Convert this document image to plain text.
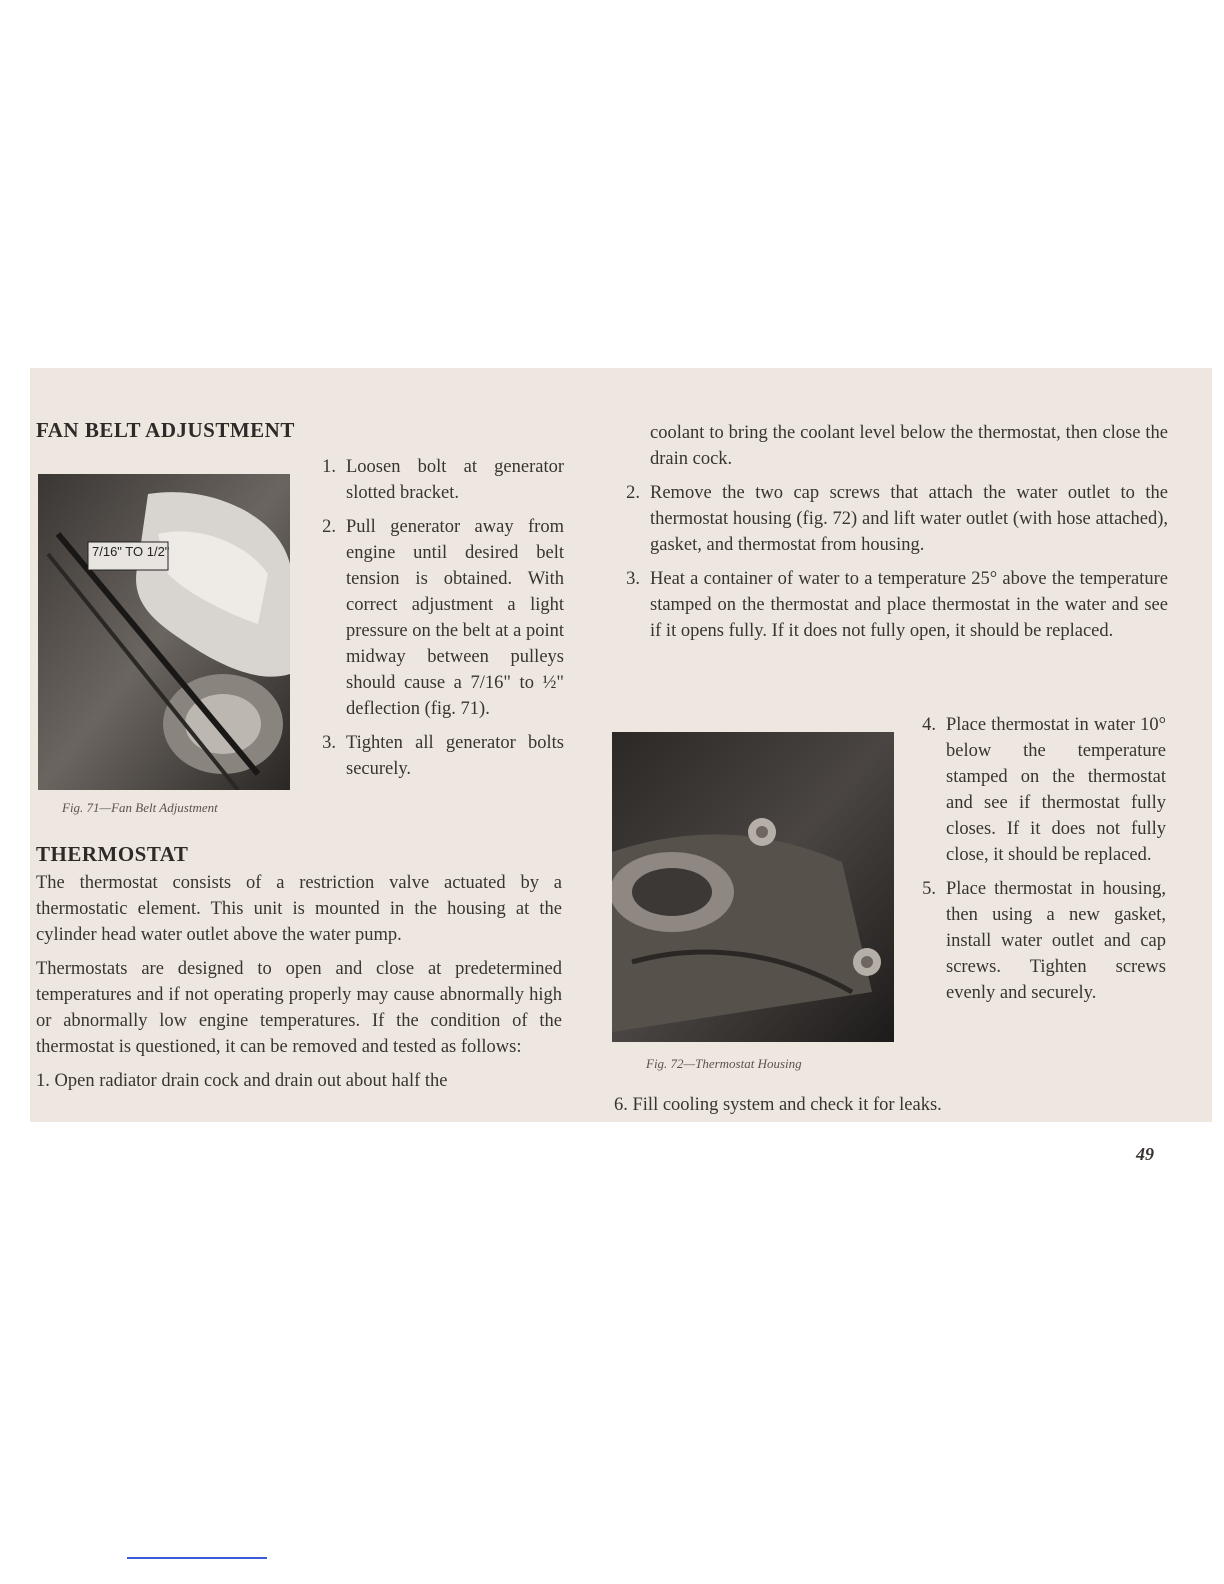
FAN BELT ADJUSTMENT
7/16" TO 1/2"
Fig. 71—Fan Belt Adjustment
1. Loosen bolt at generator slotted bracket.
2. Pull generator away from engine until desired belt tension is obtained. With correct adjustment a light pressure on the belt at a point midway between pulleys should cause a 7/16" to ½" deflection (fig. 71).
3. Tighten all generator bolts securely.
THERMOSTAT

The thermostat consists of a restriction valve actuated by a thermostatic element. This unit is mounted in the housing at the cylinder head water outlet above the water pump.

Thermostats are designed to open and close at predetermined temperatures and if not operating properly may cause abnormally high or abnormally low engine temperatures. If the condition of the thermostat is questioned, it can be removed and tested as follows:

1. Open radiator drain cock and drain out about half the
coolant to bring the coolant level below the thermostat, then close the drain cock.
2. Remove the two cap screws that attach the water outlet to the thermostat housing (fig. 72) and lift water outlet (with hose attached), gasket, and thermostat from housing.
3. Heat a container of water to a temperature 25° above the temperature stamped on the thermostat and place thermostat in the water and see if it opens fully. If it does not fully open, it should be replaced.
Fig. 72—Thermostat Housing
4. Place thermostat in water 10° below the temperature stamped on the thermostat and see if thermostat fully closes. If it does not fully close, it should be replaced.
5. Place thermostat in housing, then using a new gasket, install water outlet and cap screws. Tighten screws evenly and securely.
6. Fill cooling system and check it for leaks.
49
